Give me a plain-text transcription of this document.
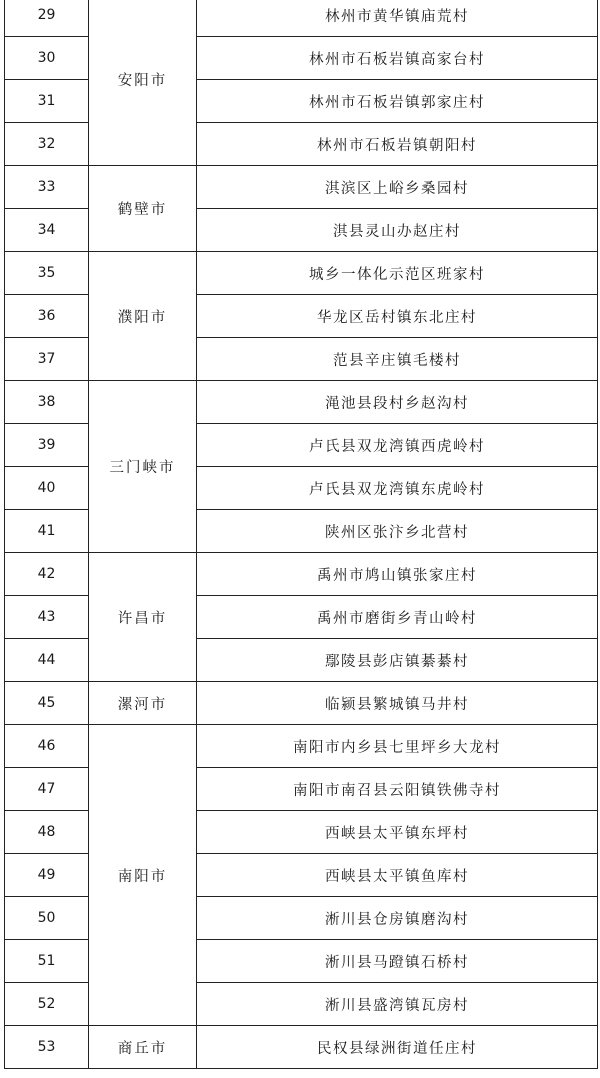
29	安阳市	林州市黄华镇庙荒村
30		林州市石板岩镇高家台村
31		林州市石板岩镇郭家庄村
32		林州市石板岩镇朝阳村
33	鹤壁市	淇滨区上峪乡桑园村
34		淇县灵山办赵庄村
35	濮阳市	城乡一体化示范区班家村
36		华龙区岳村镇东北庄村
37		范县辛庄镇毛楼村
38	三门峡市	渑池县段村乡赵沟村
39		卢氏县双龙湾镇西虎岭村
40		卢氏县双龙湾镇东虎岭村
41		陕州区张汴乡北营村
42	许昌市	禹州市鸠山镇张家庄村
43		禹州市磨街乡青山岭村
44		鄢陵县彭店镇綦綦村
45	漯河市	临颍县繁城镇马井村
46	南阳市	南阳市内乡县七里坪乡大龙村
47		南阳市南召县云阳镇铁佛寺村
48		西峡县太平镇东坪村
49		西峡县太平镇鱼库村
50		淅川县仓房镇磨沟村
51		淅川县马蹬镇石桥村
52		淅川县盛湾镇瓦房村
53	商丘市	民权县绿洲街道任庄村
